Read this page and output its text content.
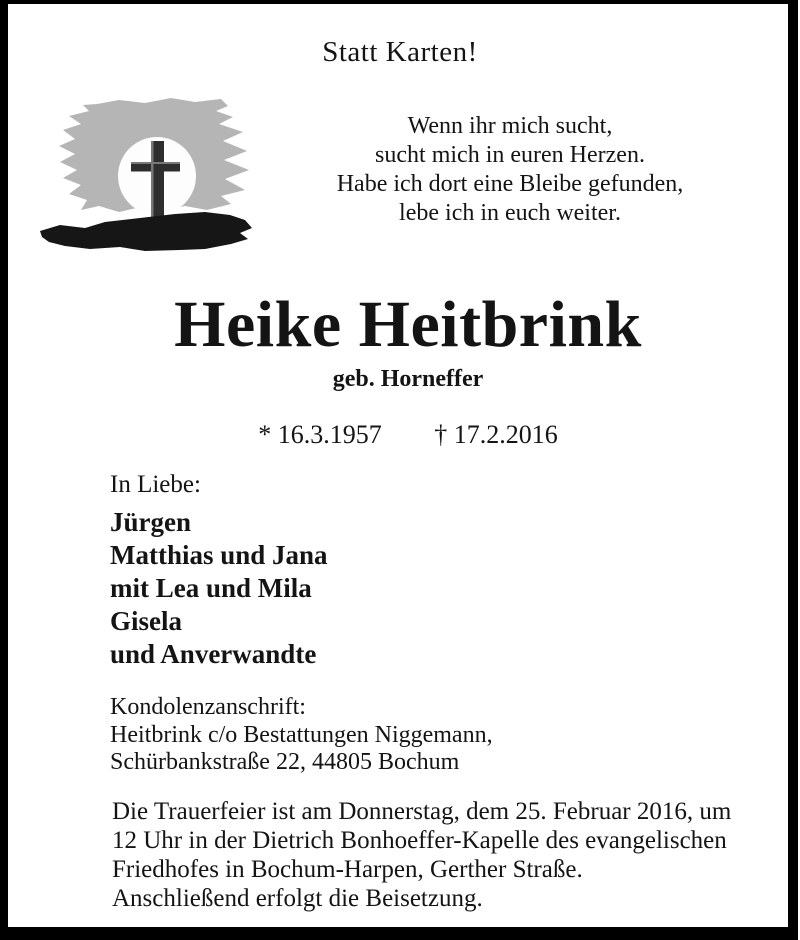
Statt Karten!
Wenn ihr mich sucht,
sucht mich in euren Herzen.
Habe ich dort eine Bleibe gefunden,
lebe ich in euch weiter.
Heike Heitbrink
geb. Horneffer
* 16.3.1957 † 17.2.2016
In Liebe:
Jürgen
Matthias und Jana
mit Lea und Mila
Gisela
und Anverwandte
Kondolenzanschrift:
Heitbrink c/o Bestattungen Niggemann,
Schürbankstraße 22, 44805 Bochum
Die Trauerfeier ist am Donnerstag, dem 25. Februar 2016, um
12 Uhr in der Dietrich Bonhoeffer-Kapelle des evangelischen
Friedhofes in Bochum-Harpen, Gerther Straße.
Anschließend erfolgt die Beisetzung.
